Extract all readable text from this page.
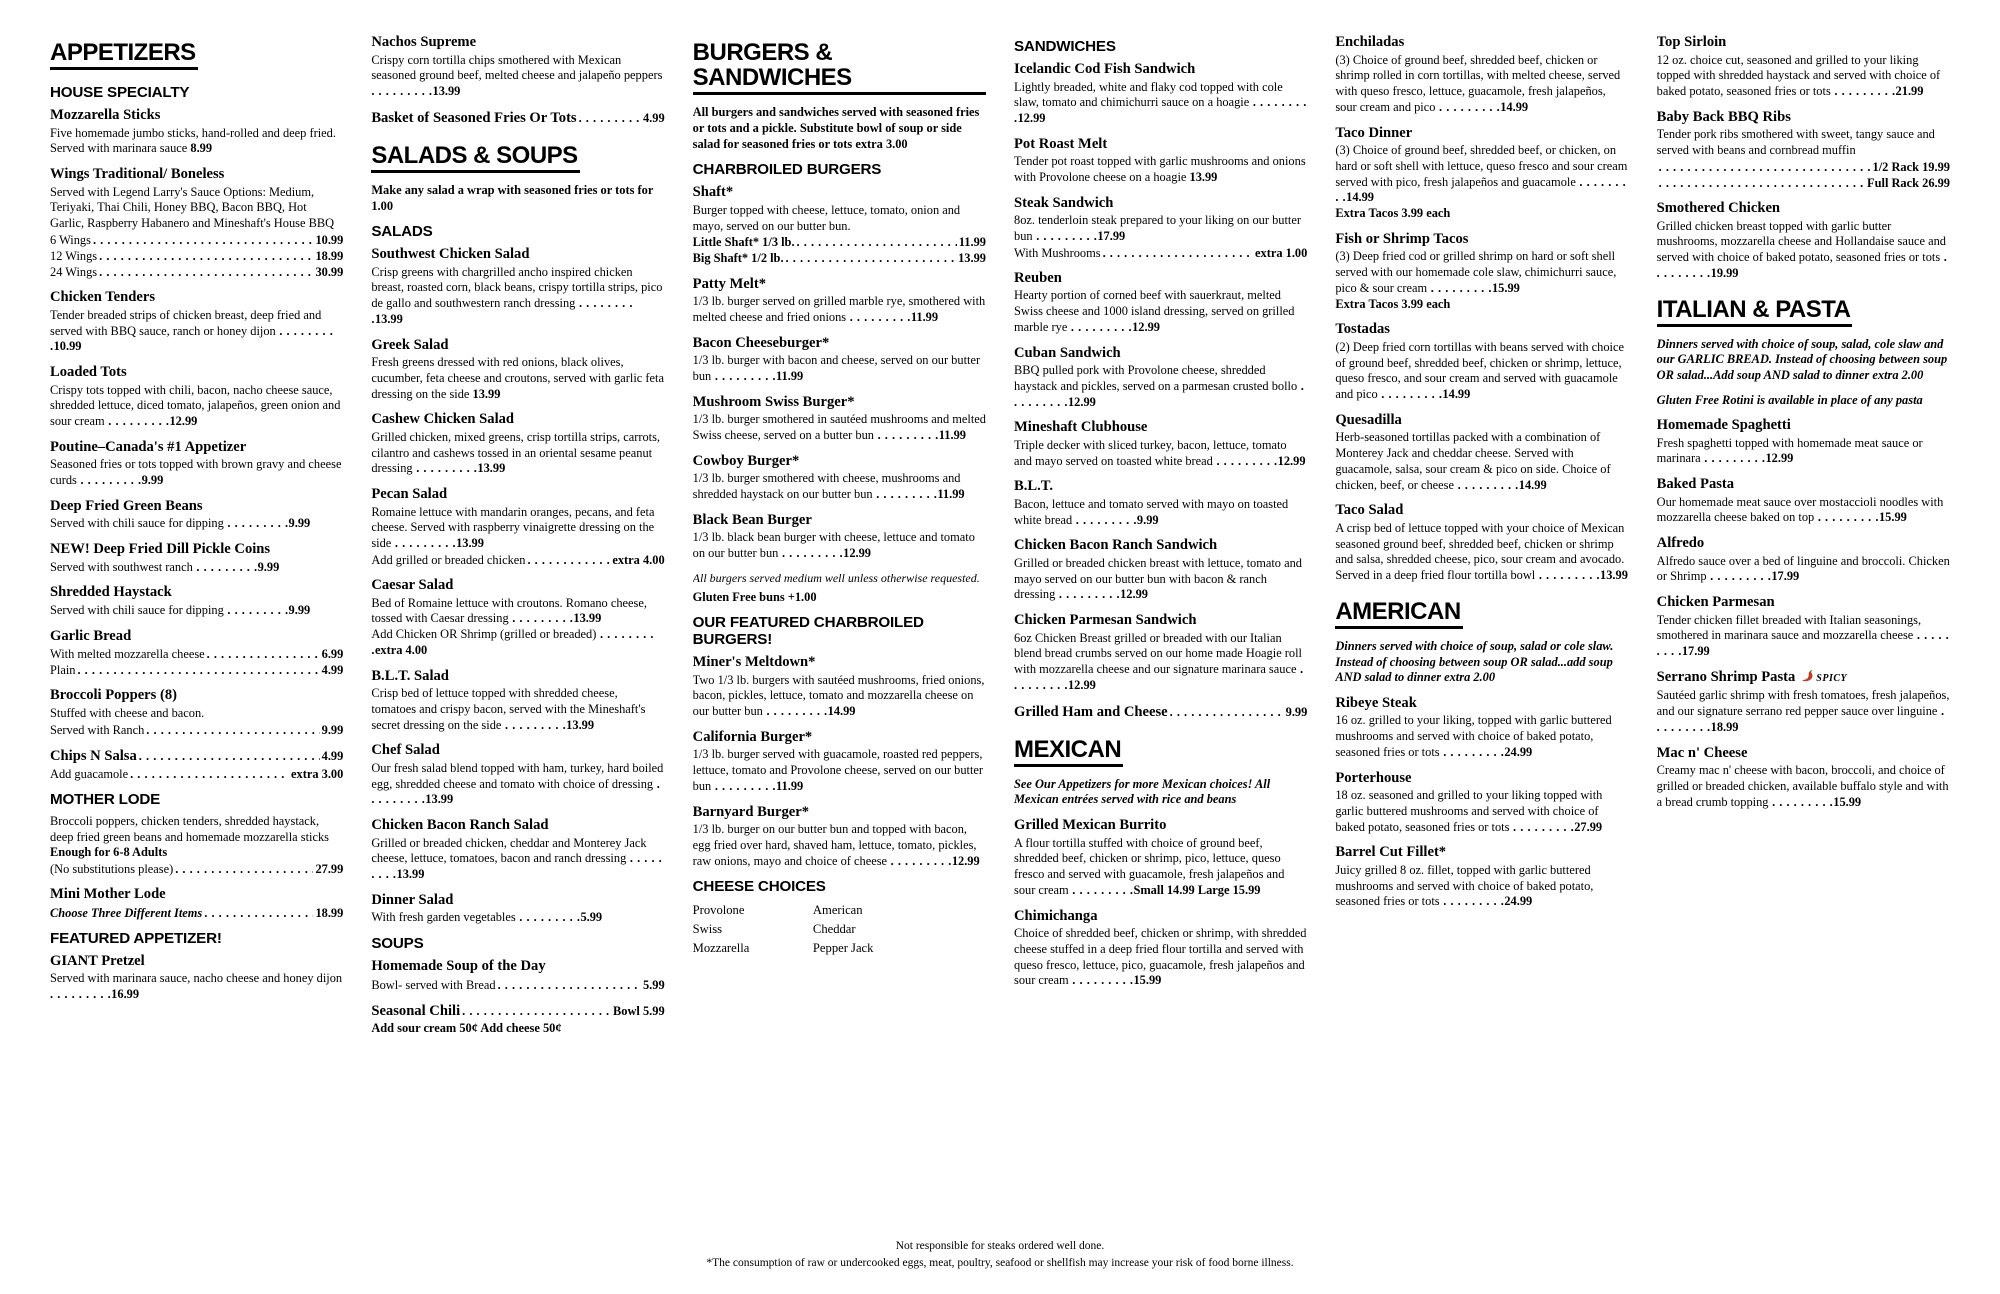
APPETIZERS
HOUSE SPECIALTY
Mozzarella Sticks
Five homemade jumbo sticks, hand-rolled and deep fried. Served with marinara sauce 8.99
Wings Traditional/ Boneless
Served with Legend Larry's Sauce Options: Medium, Teriyaki, Thai Chili, Honey BBQ, Bacon BBQ, Hot Garlic, Raspberry Habanero and Mineshaft's House BBQ
6 Wings . . .	10.99
12 Wings . . .	18.99
24 Wings . . .	30.99
Chicken Tenders
Tender breaded strips of chicken breast, deep fried and served with BBQ sauce, ranch or honey dijon . . .10.99
Loaded Tots
Crispy tots topped with chili, bacon, nacho cheese sauce, shredded lettuce, diced tomato, jalapeños, green onion and sour cream . . .	12.99
Poutine–Canada's #1 Appetizer
Seasoned fries or tots topped with brown gravy and cheese curds . . .	9.99
Deep Fried Green Beans
Served with chili sauce for dipping . . .	9.99
NEW! Deep Fried Dill Pickle Coins
Served with southwest ranch . . .	9.99
Shredded Haystack
Served with chili sauce for dipping . . .	9.99
Garlic Bread
With melted mozzarella cheese . . .	6.99
Plain . . .	4.99
Broccoli Poppers (8)
Stuffed with cheese and bacon.
Served with Ranch . . .	9.99
Chips N Salsa . . .	4.99
Add guacamole . . .	extra 3.00
MOTHER LODE
Broccoli poppers, chicken tenders, shredded haystack, deep fried green beans and homemade mozzarella sticks
Enough for 6-8 Adults
(No substitutions please) . . .	27.99
Mini Mother Lode
Choose Three Different Items . . .	18.99
FEATURED APPETIZER!
GIANT Pretzel
Served with marinara sauce, nacho cheese and honey dijon . . .16.99
Nachos Supreme
Crispy corn tortilla chips smothered with Mexican seasoned ground beef, melted cheese and jalapeño peppers . . .13.99
Basket of Seasoned Fries Or Tots . . .	4.99
SALADS & SOUPS
Make any salad a wrap with seasoned fries or tots for 1.00
SALADS
Southwest Chicken Salad
Crisp greens with chargrilled ancho inspired chicken breast, roasted corn, black beans, crispy tortilla strips, pico de gallo and southwestern ranch dressing . . .13.99
Greek Salad
Fresh greens dressed with red onions, black olives, cucumber, feta cheese and croutons, served with garlic feta dressing on the side 13.99
Cashew Chicken Salad
Grilled chicken, mixed greens, crisp tortilla strips, carrots, cilantro and cashews tossed in an oriental sesame peanut dressing . . .	13.99
Pecan Salad
Romaine lettuce with mandarin oranges, pecans, and feta cheese. Served with raspberry vinaigrette dressing on the side . . .	13.99
Add grilled or breaded chicken . . .	extra 4.00
Caesar Salad
Bed of Romaine lettuce with croutons. Romano cheese, tossed with Caesar dressing . . .	13.99
Add Chicken OR Shrimp (grilled or breaded) . . .extra 4.00
B.L.T. Salad
Crisp bed of lettuce topped with shredded cheese, tomatoes and crispy bacon, served with the Mineshaft's secret dressing on the side . . .	13.99
Chef Salad
Our fresh salad blend topped with ham, turkey, hard boiled egg, shredded cheese and tomato with choice of dressing . . .13.99
Chicken Bacon Ranch Salad
Grilled or breaded chicken, cheddar and Monterey Jack cheese, lettuce, tomatoes, bacon and ranch dressing . . .13.99
Dinner Salad
With fresh garden vegetables . . .	5.99
SOUPS
Homemade Soup of the Day
Bowl- served with Bread . . .	5.99
Seasonal Chili . . .	Bowl 5.99
Add sour cream 50¢ Add cheese 50¢
BURGERS & SANDWICHES
All burgers and sandwiches served with seasoned fries or tots and a pickle. Substitute bowl of soup or side salad for seasoned fries or tots extra 3.00
CHARBROILED BURGERS
Shaft*
Burger topped with cheese, lettuce, tomato, onion and mayo, served on our butter bun.
Little Shaft* 1/3 lb. . . .	11.99
Big Shaft* 1/2 lb. . . .	13.99
Patty Melt*
1/3 lb. burger served on grilled marble rye, smothered with melted cheese and fried onions . . .	11.99
Bacon Cheeseburger*
1/3 lb. burger with bacon and cheese, served on our butter bun . . .	11.99
Mushroom Swiss Burger*
1/3 lb. burger smothered in sautéed mushrooms and melted Swiss cheese, served on a butter bun . . .	11.99
Cowboy Burger*
1/3 lb. burger smothered with cheese, mushrooms and shredded haystack on our butter bun . . .	11.99
Black Bean Burger
1/3 lb. black bean burger with cheese, lettuce and tomato on our butter bun . . .	12.99
All burgers served medium well unless otherwise requested.
Gluten Free buns +1.00
OUR FEATURED CHARBROILED BURGERS!
Miner's Meltdown*
Two 1/3 lb. burgers with sautéed mushrooms, fried onions, bacon, pickles, lettuce, tomato and mozzarella cheese on our butter bun . . .	14.99
California Burger*
1/3 lb. burger served with guacamole, roasted red peppers, lettuce, tomato and Provolone cheese, served on our butter bun . . .	11.99
Barnyard Burger*
1/3 lb. burger on our butter bun and topped with bacon, egg fried over hard, shaved ham, lettuce, tomato, pickles, raw onions, mayo and choice of cheese . . .	12.99
CHEESE CHOICES
Provolone	American
Swiss	Cheddar
Mozzarella	Pepper Jack
SANDWICHES
Icelandic Cod Fish Sandwich
Lightly breaded, white and flaky cod topped with cole slaw, tomato and chimichurri sauce on a hoagie . . .12.99
Pot Roast Melt
Tender pot roast topped with garlic mushrooms and onions with Provolone cheese on a hoagie 13.99
Steak Sandwich
8oz. tenderloin steak prepared to your liking on our butter bun . . .	17.99
With Mushrooms . . .	extra 1.00
Reuben
Hearty portion of corned beef with sauerkraut, melted Swiss cheese and 1000 island dressing, served on grilled marble rye . . .	12.99
Cuban Sandwich
BBQ pulled pork with Provolone cheese, shredded haystack and pickles, served on a parmesan crusted bollo . . .12.99
Mineshaft Clubhouse
Triple decker with sliced turkey, bacon, lettuce, tomato and mayo served on toasted white bread . . .	12.99
B.L.T.
Bacon, lettuce and tomato served with mayo on toasted white bread . . .	9.99
Chicken Bacon Ranch Sandwich
Grilled or breaded chicken breast with lettuce, tomato and mayo served on our butter bun with bacon & ranch dressing . . .	12.99
Chicken Parmesan Sandwich
6oz Chicken Breast grilled or breaded with our Italian blend bread crumbs served on our home made Hoagie roll with mozzarella cheese and our signature marinara sauce . . .12.99
Grilled Ham and Cheese . . .	9.99
MEXICAN
See Our Appetizers for more Mexican choices! All Mexican entrées served with rice and beans
Grilled Mexican Burrito
A flour tortilla stuffed with choice of ground beef, shredded beef, chicken or shrimp, pico, lettuce, queso fresco and served with guacamole, fresh jalapeños and sour cream . . .	Small 14.99 Large 15.99
Chimichanga
Choice of shredded beef, chicken or shrimp, with shredded cheese stuffed in a deep fried flour tortilla and served with queso fresco, lettuce, pico, guacamole, fresh jalapeños and sour cream . . .	15.99
Enchiladas
(3) Choice of ground beef, shredded beef, chicken or shrimp rolled in corn tortillas, with melted cheese, served with queso fresco, lettuce, guacamole, fresh jalapeños, sour cream and pico . . .	14.99
Taco Dinner
(3) Choice of ground beef, shredded beef, or chicken, on hard or soft shell with lettuce, queso fresco and sour cream served with pico, fresh jalapeños and guacamole . . .14.99
Extra Tacos 3.99 each
Fish or Shrimp Tacos
(3) Deep fried cod or grilled shrimp on hard or soft shell served with our homemade cole slaw, chimichurri sauce, pico & sour cream . . .	15.99
Extra Tacos 3.99 each
Tostadas
(2) Deep fried corn tortillas with beans served with choice of ground beef, shredded beef, chicken or shrimp, lettuce, queso fresco, and sour cream and served with guacamole and pico . . .	14.99
Quesadilla
Herb-seasoned tortillas packed with a combination of Monterey Jack and cheddar cheese. Served with guacamole, salsa, sour cream & pico on side. Choice of chicken, beef, or cheese . . .	14.99
Taco Salad
A crisp bed of lettuce topped with your choice of Mexican seasoned ground beef, shredded beef, chicken or shrimp and salsa, shredded cheese, pico, sour cream and avocado. Served in a deep fried flour tortilla bowl . . .	13.99
AMERICAN
Dinners served with choice of soup, salad or cole slaw. Instead of choosing between soup OR salad...add soup AND salad to dinner extra 2.00
Ribeye Steak
16 oz. grilled to your liking, topped with garlic buttered mushrooms and served with choice of baked potato, seasoned fries or tots . . .	24.99
Porterhouse
18 oz. seasoned and grilled to your liking topped with garlic buttered mushrooms and served with choice of baked potato, seasoned fries or tots . . .	27.99
Barrel Cut Fillet*
Juicy grilled 8 oz. fillet, topped with garlic buttered mushrooms and served with choice of baked potato, seasoned fries or tots . . .	24.99
Top Sirloin
12 oz. choice cut, seasoned and grilled to your liking topped with shredded haystack and served with choice of baked potato, seasoned fries or tots . . .	21.99
Baby Back BBQ Ribs
Tender pork ribs smothered with sweet, tangy sauce and served with beans and cornbread muffin
. . .
1/2 Rack 19.99
. . .
Full Rack 26.99
Smothered Chicken
Grilled chicken breast topped with garlic butter mushrooms, mozzarella cheese and Hollandaise sauce and served with choice of baked potato, seasoned fries or tots . . .19.99
ITALIAN & PASTA
Dinners served with choice of soup, salad, cole slaw and our GARLIC BREAD. Instead of choosing between soup OR salad...Add soup AND salad to dinner extra 2.00
Gluten Free Rotini is available in place of any pasta
Homemade Spaghetti
Fresh spaghetti topped with homemade meat sauce or marinara . . .	12.99
Baked Pasta
Our homemade meat sauce over mostaccioli noodles with mozzarella cheese baked on top . . .	15.99
Alfredo
Alfredo sauce over a bed of linguine and broccoli. Chicken or Shrimp . . .	17.99
Chicken Parmesan
Tender chicken fillet breaded with Italian seasonings, smothered in marinara sauce and mozzarella cheese . . .17.99
Serrano Shrimp Pasta SPICY
Sautéed garlic shrimp with fresh tomatoes, fresh jalapeños, and our signature serrano red pepper sauce over linguine . . .18.99
Mac n' Cheese
Creamy mac n' cheese with bacon, broccoli, and choice of grilled or breaded chicken, available buffalo style and with a bread crumb topping . . .	15.99
Not responsible for steaks ordered well done.
*The consumption of raw or undercooked eggs, meat, poultry, seafood or shellfish may increase your risk of food borne illness.
